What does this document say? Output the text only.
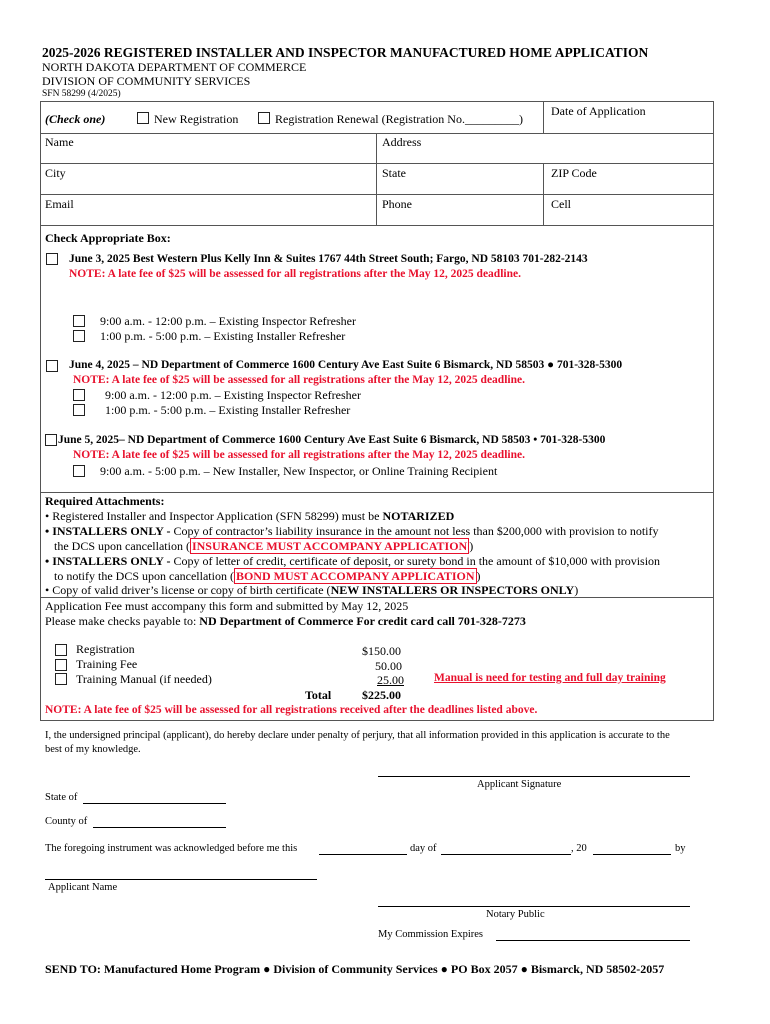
2025-2026 REGISTERED INSTALLER AND INSPECTOR MANUFACTURED HOME APPLICATION
NORTH DAKOTA DEPARTMENT OF COMMERCE
DIVISION OF COMMUNITY SERVICES
SFN 58299 (4/2025)
(Check one)	New Registration	Registration Renewal (Registration No._________)
Date of Application
Name	Address
City	State	ZIP Code
Email	Phone	Cell
Check Appropriate Box:
June 3, 2025 Best Western Plus Kelly Inn & Suites 1767 44th Street South; Fargo, ND 58103 701-282-2143
NOTE: A late fee of $25 will be assessed for all registrations after the May 12, 2025 deadline.
9:00 a.m. - 12:00 p.m. – Existing Inspector Refresher
1:00 p.m. - 5:00 p.m. – Existing Installer Refresher
June 4, 2025 – ND Department of Commerce 1600 Century Ave East Suite 6 Bismarck, ND 58503 ● 701-328-5300
NOTE: A late fee of $25 will be assessed for all registrations after the May 12, 2025 deadline.
9:00 a.m. - 12:00 p.m. – Existing Inspector Refresher
1:00 p.m. - 5:00 p.m. – Existing Installer Refresher
June 5, 2025– ND Department of Commerce 1600 Century Ave East Suite 6 Bismarck, ND 58503 • 701-328-5300
NOTE: A late fee of $25 will be assessed for all registrations after the May 12, 2025 deadline.
9:00 a.m. - 5:00 p.m. – New Installer, New Inspector, or Online Training Recipient
Required Attachments:
• Registered Installer and Inspector Application (SFN 58299) must be NOTARIZED
• INSTALLERS ONLY - Copy of contractor’s liability insurance in the amount not less than $200,000 with provision to notify
the DCS upon cancellation ( INSURANCE MUST ACCOMPANY APPLICATION )
• INSTALLERS ONLY - Copy of letter of credit, certificate of deposit, or surety bond in the amount of $10,000 with provision
to notify the DCS upon cancellation ( BOND MUST ACCOMPANY APPLICATION )
• Copy of valid driver’s license or copy of birth certificate (NEW INSTALLERS OR INSPECTORS ONLY)
Application Fee must accompany this form and submitted by May 12, 2025
Please make checks payable to: ND Department of Commerce For credit card call 701-328-7273
Registration	$150.00
Training Fee	50.00
Training Manual (if needed)	25.00	Manual is need for testing and full day training
Total	$225.00
NOTE: A late fee of $25 will be assessed for all registrations received after the deadlines listed above.
I, the undersigned principal (applicant), do hereby declare under penalty of perjury, that all information provided in this application is accurate to the
best of my knowledge.
Applicant Signature
State of
County of
The foregoing instrument was acknowledged before me this	day of	, 20	by
Applicant Name
Notary Public
My Commission Expires
SEND TO: Manufactured Home Program ● Division of Community Services ● PO Box 2057 ● Bismarck, ND 58502-2057
